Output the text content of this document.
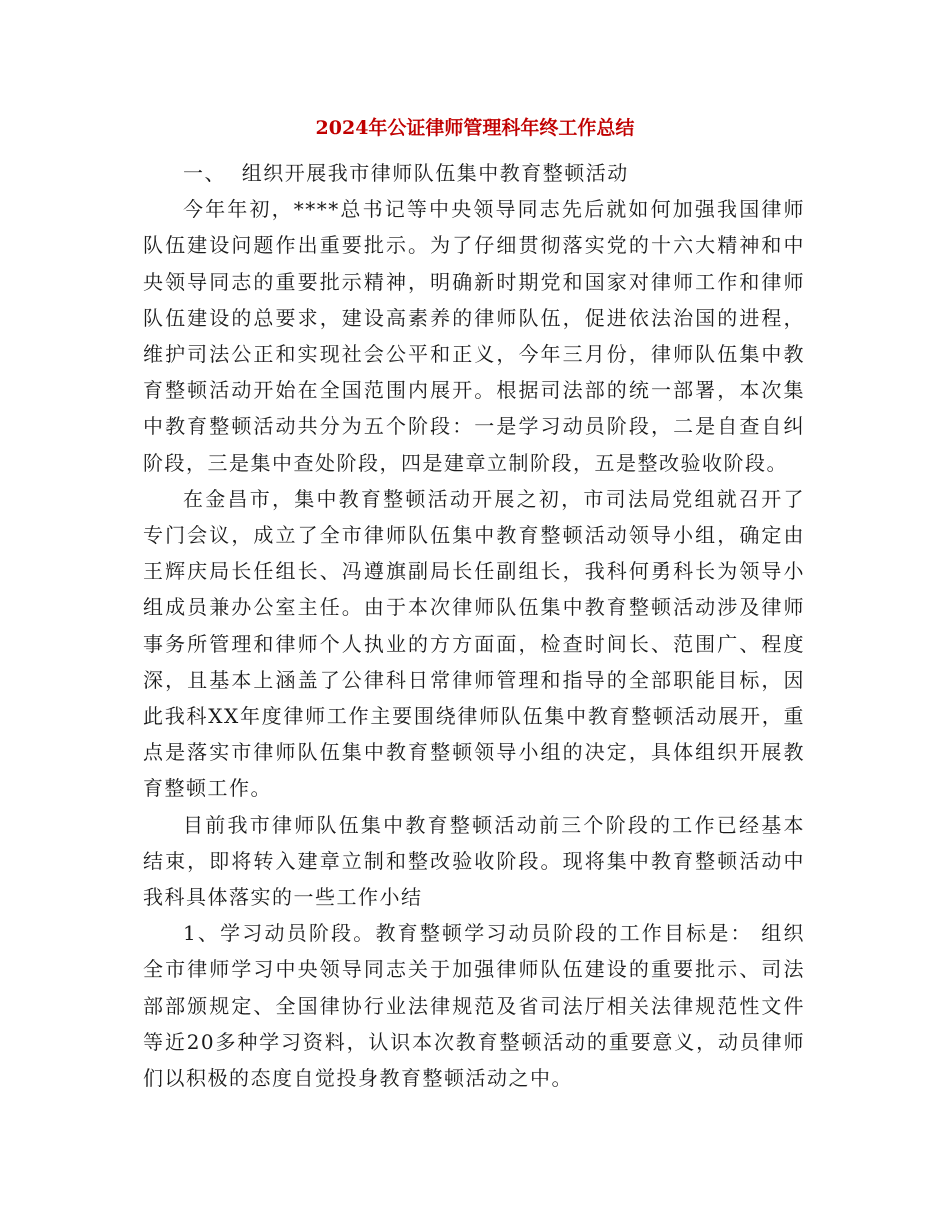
2024年公证律师管理科年终工作总结

一、  组织开展我市律师队伍集中教育整顿活动

今年年初，****总书记等中央领导同志先后就如何加强我国律师队伍建设问题作出重要批示。为了仔细贯彻落实党的十六大精神和中央领导同志的重要批示精神，明确新时期党和国家对律师工作和律师队伍建设的总要求，建设高素养的律师队伍，促进依法治国的进程，维护司法公正和实现社会公平和正义，今年三月份，律师队伍集中教育整顿活动开始在全国范围内展开。根据司法部的统一部署，本次集中教育整顿活动共分为五个阶段：一是学习动员阶段，二是自查自纠阶段，三是集中查处阶段，四是建章立制阶段，五是整改验收阶段。

在金昌市，集中教育整顿活动开展之初，市司法局党组就召开了专门会议，成立了全市律师队伍集中教育整顿活动领导小组，确定由王辉庆局长任组长、冯遵旗副局长任副组长，我科何勇科长为领导小组成员兼办公室主任。由于本次律师队伍集中教育整顿活动涉及律师事务所管理和律师个人执业的方方面面，检查时间长、范围广、程度深，且基本上涵盖了公律科日常律师管理和指导的全部职能目标，因此我科XX年度律师工作主要围绕律师队伍集中教育整顿活动展开，重点是落实市律师队伍集中教育整顿领导小组的决定，具体组织开展教育整顿工作。

目前我市律师队伍集中教育整顿活动前三个阶段的工作已经基本结束，即将转入建章立制和整改验收阶段。现将集中教育整顿活动中我科具体落实的一些工作小结

1、学习动员阶段。教育整顿学习动员阶段的工作目标是： 组织全市律师学习中央领导同志关于加强律师队伍建设的重要批示、司法部部颁规定、全国律协行业法律规范及省司法厅相关法律规范性文件等近20多种学习资料，认识本次教育整顿活动的重要意义，动员律师们以积极的态度自觉投身教育整顿活动之中。
